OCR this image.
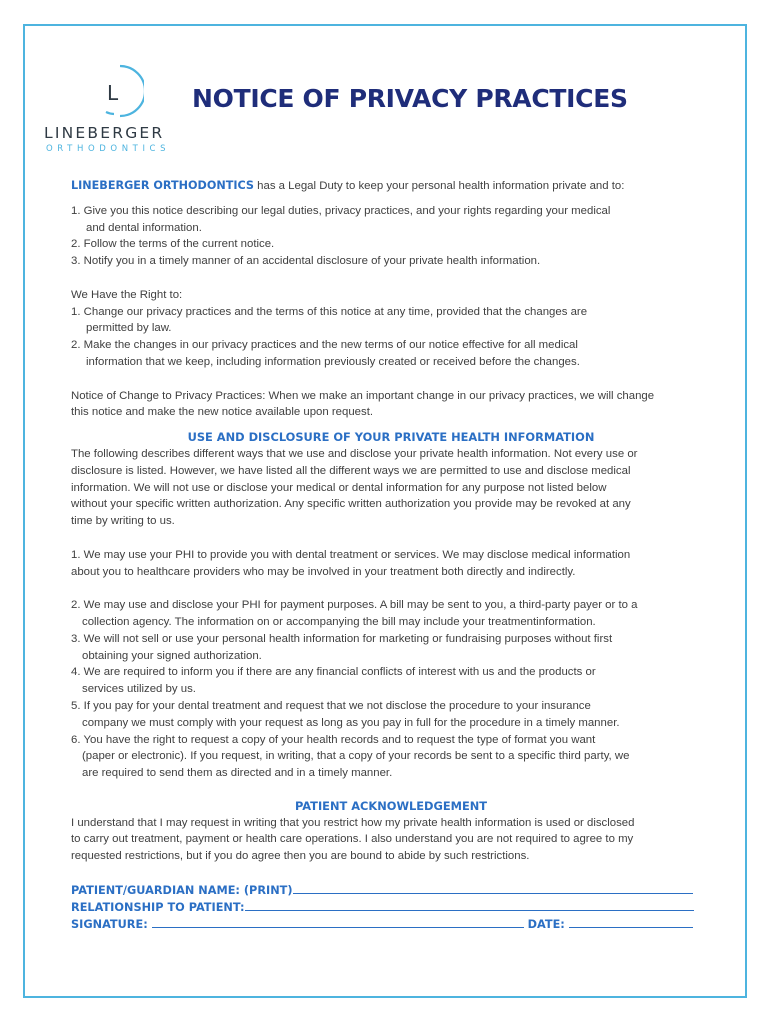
L
LINEBERGER
ORTHODONTICS
NOTICE OF PRIVACY PRACTICES

LINEBERGER ORTHODONTICS has a Legal Duty to keep your personal health information private and to:

1. Give you this notice describing our legal duties, privacy practices, and your rights regarding your medical

and dental information.

2. Follow the terms of the current notice.

3. Notify you in a timely manner of an accidental disclosure of your private health information.

We Have the Right to:

1. Change our privacy practices and the terms of this notice at any time, provided that the changes are

permitted by law.

2. Make the changes in our privacy practices and the new terms of our notice effective for all medical

information that we keep, including information previously created or received before the changes.

Notice of Change to Privacy Practices: When we make an important change in our privacy practices, we will change

this notice and make the new notice available upon request.

USE AND DISCLOSURE OF YOUR PRIVATE HEALTH INFORMATION

The following describes different ways that we use and disclose your private health information. Not every use or

disclosure is listed. However, we have listed all the different ways we are permitted to use and disclose medical

information. We will not use or disclose your medical or dental information for any purpose not listed below

without your specific written authorization. Any specific written authorization you provide may be revoked at any

time by writing to us.

1. We may use your PHI to provide you with dental treatment or services. We may disclose medical information

about you to healthcare providers who may be involved in your treatment both directly and indirectly.

2. We may use and disclose your PHI for payment purposes. A bill may be sent to you, a third-party payer or to a

collection agency. The information on or accompanying the bill may include your treatmentinformation.

3. We will not sell or use your personal health information for marketing or fundraising purposes without first

obtaining your signed authorization.

4. We are required to inform you if there are any financial conflicts of interest with us and the products or

services utilized by us.

5. If you pay for your dental treatment and request that we not disclose the procedure to your insurance

company we must comply with your request as long as you pay in full for the procedure in a timely manner.

6. You have the right to request a copy of your health records and to request the type of format you want

(paper or electronic). If you request, in writing, that a copy of your records be sent to a specific third party, we

are required to send them as directed and in a timely manner.

PATIENT ACKNOWLEDGEMENT

I understand that I may request in writing that you restrict how my private health information is used or disclosed

to carry out treatment, payment or health care operations. I also understand you are not required to agree to my

requested restrictions, but if you do agree then you are bound to abide by such restrictions.

PATIENT/GUARDIAN NAME: (PRINT)
RELATIONSHIP TO PATIENT:
SIGNATURE:	DATE:
